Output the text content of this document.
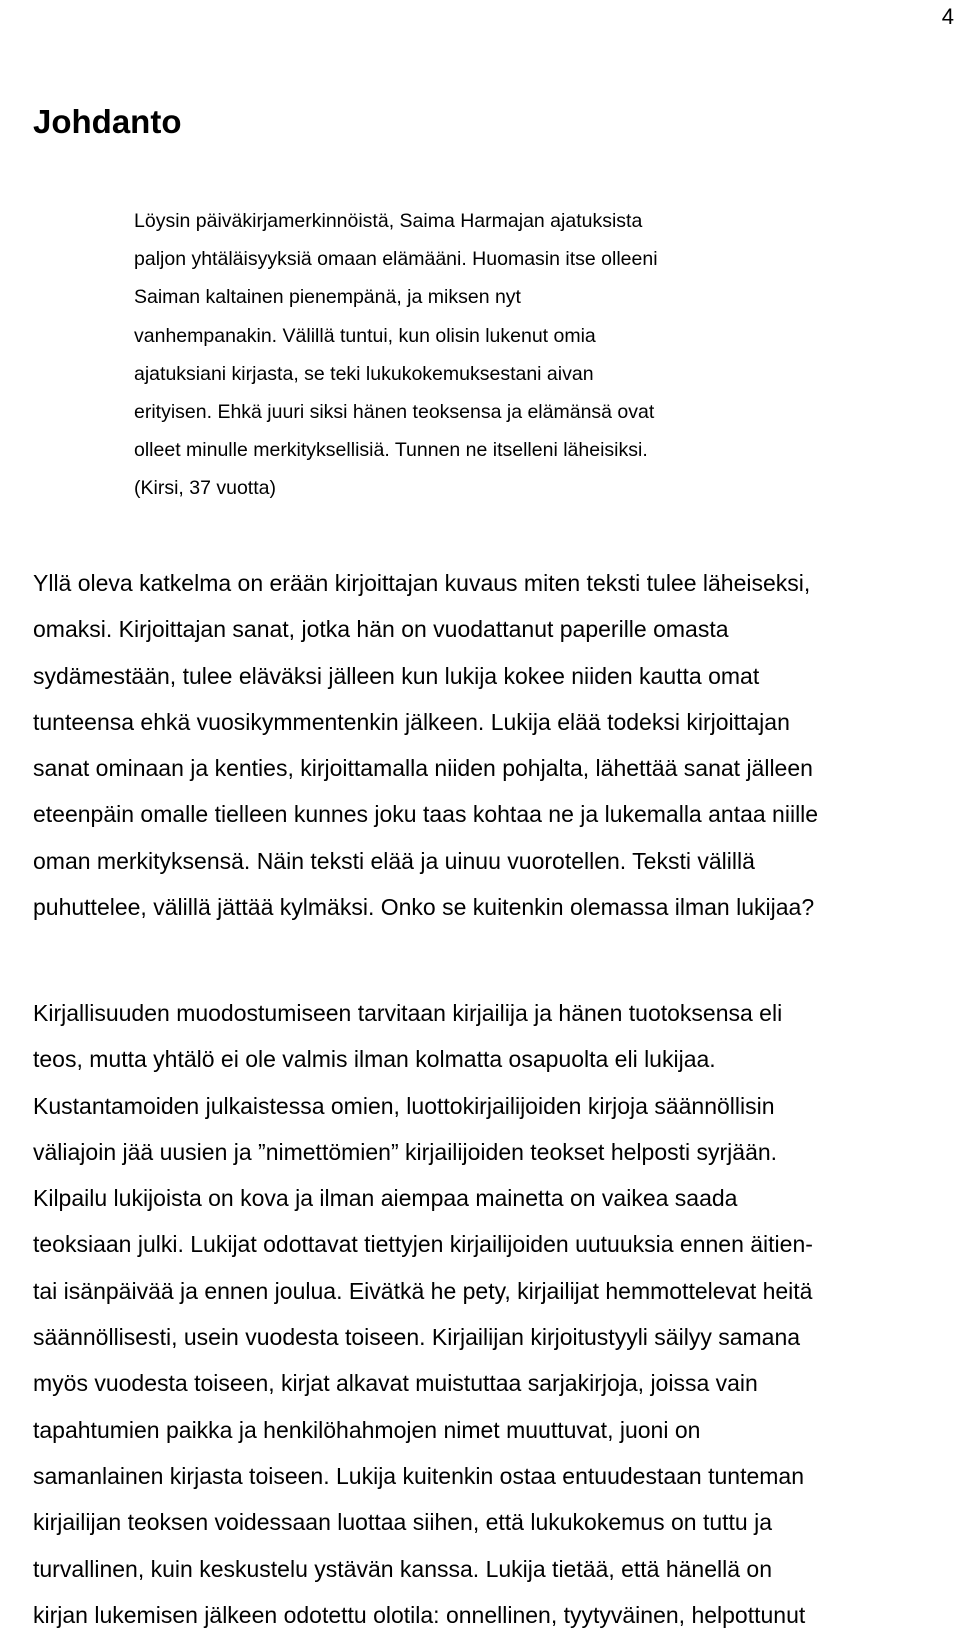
4
Johdanto
Löysin päiväkirjamerkinnöistä, Saima Harmajan ajatuksista
paljon yhtäläisyyksiä omaan elämääni. Huomasin itse olleeni
Saiman kaltainen pienempänä, ja miksen nyt
vanhempanakin. Välillä tuntui, kun olisin lukenut omia
ajatuksiani kirjasta, se teki lukukokemuksestani aivan
erityisen. Ehkä juuri siksi hänen teoksensa ja elämänsä ovat
olleet minulle merkityksellisiä. Tunnen ne itselleni läheisiksi.
(Kirsi, 37 vuotta)
Yllä oleva katkelma on erään kirjoittajan kuvaus miten teksti tulee läheiseksi,
omaksi. Kirjoittajan sanat, jotka hän on vuodattanut paperille omasta
sydämestään, tulee eläväksi jälleen kun lukija kokee niiden kautta omat
tunteensa ehkä vuosikymmentenkin jälkeen. Lukija elää todeksi kirjoittajan
sanat ominaan ja kenties, kirjoittamalla niiden pohjalta, lähettää sanat jälleen
eteenpäin omalle tielleen kunnes joku taas kohtaa ne ja lukemalla antaa niille
oman merkityksensä. Näin teksti elää ja uinuu vuorotellen. Teksti välillä
puhuttelee, välillä jättää kylmäksi. Onko se kuitenkin olemassa ilman lukijaa?
Kirjallisuuden muodostumiseen tarvitaan kirjailija ja hänen tuotoksensa eli
teos, mutta yhtälö ei ole valmis ilman kolmatta osapuolta eli lukijaa.
Kustantamoiden julkaistessa omien, luottokirjailijoiden kirjoja säännöllisin
väliajoin jää uusien ja ”nimettömien” kirjailijoiden teokset helposti syrjään.
Kilpailu lukijoista on kova ja ilman aiempaa mainetta on vaikea saada
teoksiaan julki. Lukijat odottavat tiettyjen kirjailijoiden uutuuksia ennen äitien-
tai isänpäivää ja ennen joulua. Eivätkä he pety, kirjailijat hemmottelevat heitä
säännöllisesti, usein vuodesta toiseen. Kirjailijan kirjoitustyyli säilyy samana
myös vuodesta toiseen, kirjat alkavat muistuttaa sarjakirjoja, joissa vain
tapahtumien paikka ja henkilöhahmojen nimet muuttuvat, juoni on
samanlainen kirjasta toiseen. Lukija kuitenkin ostaa entuudestaan tunteman
kirjailijan teoksen voidessaan luottaa siihen, että lukukokemus on tuttu ja
turvallinen, kuin keskustelu ystävän kanssa. Lukija tietää, että hänellä on
kirjan lukemisen jälkeen odotettu olotila: onnellinen, tyytyväinen, helpottunut
